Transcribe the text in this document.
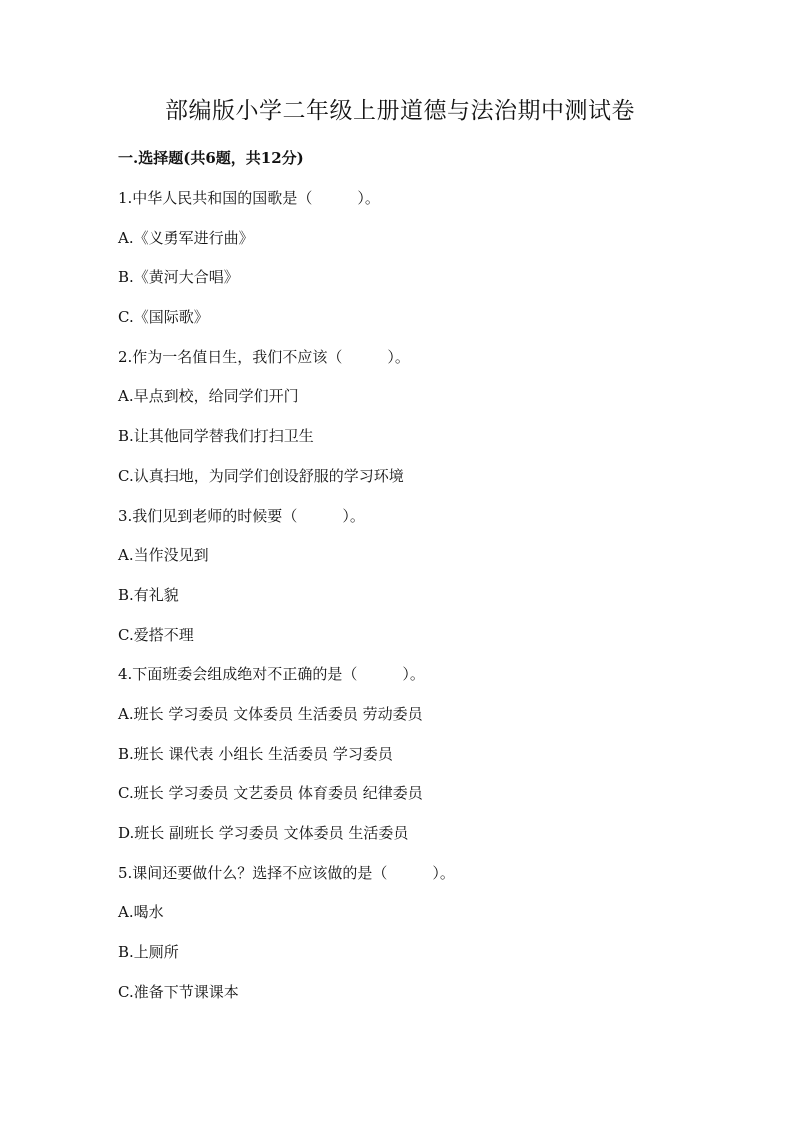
部编版小学二年级上册道德与法治期中测试卷
一.选择题(共6题，共12分)
1.中华人民共和国的国歌是（　　　）。
A.《义勇军进行曲》
B.《黄河大合唱》
C.《国际歌》
2.作为一名值日生，我们不应该（　　　）。
A.早点到校，给同学们开门
B.让其他同学替我们打扫卫生
C.认真扫地，为同学们创设舒服的学习环境
3.我们见到老师的时候要（　　　）。
A.当作没见到
B.有礼貌
C.爱搭不理
4.下面班委会组成绝对不正确的是（　　　）。
A.班长 学习委员 文体委员 生活委员 劳动委员
B.班长 课代表 小组长 生活委员 学习委员
C.班长 学习委员 文艺委员 体育委员 纪律委员
D.班长 副班长 学习委员 文体委员 生活委员
5.课间还要做什么？选择不应该做的是（　　　）。
A.喝水
B.上厕所
C.准备下节课课本
